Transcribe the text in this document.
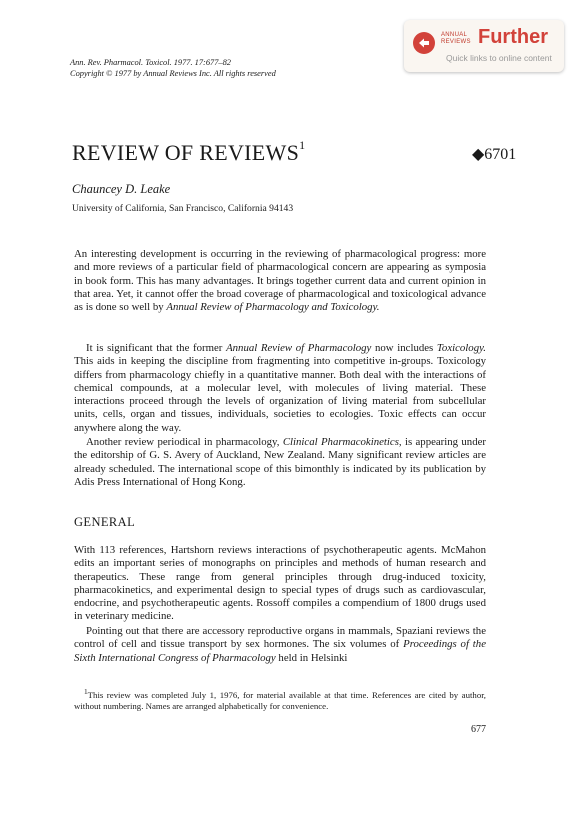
Ann. Rev. Pharmacol. Toxicol. 1977. 17:677–82
Copyright © 1977 by Annual Reviews Inc. All rights reserved
ANNUAL
REVIEWS Further
Quick links to online content
REVIEW OF REVIEWS$^1$
◆6701
Chauncey D. Leake
University of California, San Francisco, California 94143

An interesting development is occurring in the reviewing of pharmacological progress: more and more reviews of a particular field of pharmacological concern are appearing as symposia in book form. This has many advantages. It brings together current data and current opinion in that area. Yet, it cannot offer the broad coverage of pharmacological and toxicological advance as is done so well by Annual Review of Pharmacology and Toxicology.

It is significant that the former Annual Review of Pharmacology now includes Toxicology. This aids in keeping the discipline from fragmenting into competitive in-groups. Toxicology differs from pharmacology chiefly in a quantitative manner. Both deal with the interactions of chemical compounds, at a molecular level, with molecules of living material. These interactions proceed through the levels of organization of living material from subcellular units, cells, organ and tissues, individuals, societies to ecologies. Toxic effects can occur anywhere along the way.

Another review periodical in pharmacology, Clinical Pharmacokinetics, is appearing under the editorship of G. S. Avery of Auckland, New Zealand. Many significant review articles are already scheduled. The international scope of this bimonthly is indicated by its publication by Adis Press International of Hong Kong.

GENERAL

With 113 references, Hartshorn reviews interactions of psychotherapeutic agents. McMahon edits an important series of monographs on principles and methods of human research and therapeutics. These range from general principles through drug-induced toxicity, pharmacokinetics, and experimental design to special types of drugs such as cardiovascular, endocrine, and psychotherapeutic agents. Rossoff compiles a compendium of 1800 drugs used in veterinary medicine.

Pointing out that there are accessory reproductive organs in mammals, Spaziani reviews the control of cell and tissue transport by sex hormones. The six volumes of Proceedings of the Sixth International Congress of Pharmacology held in Helsinki

$^1$This review was completed July 1, 1976, for material available at that time. References are cited by author, without numbering. Names are arranged alphabetically for convenience.

677
